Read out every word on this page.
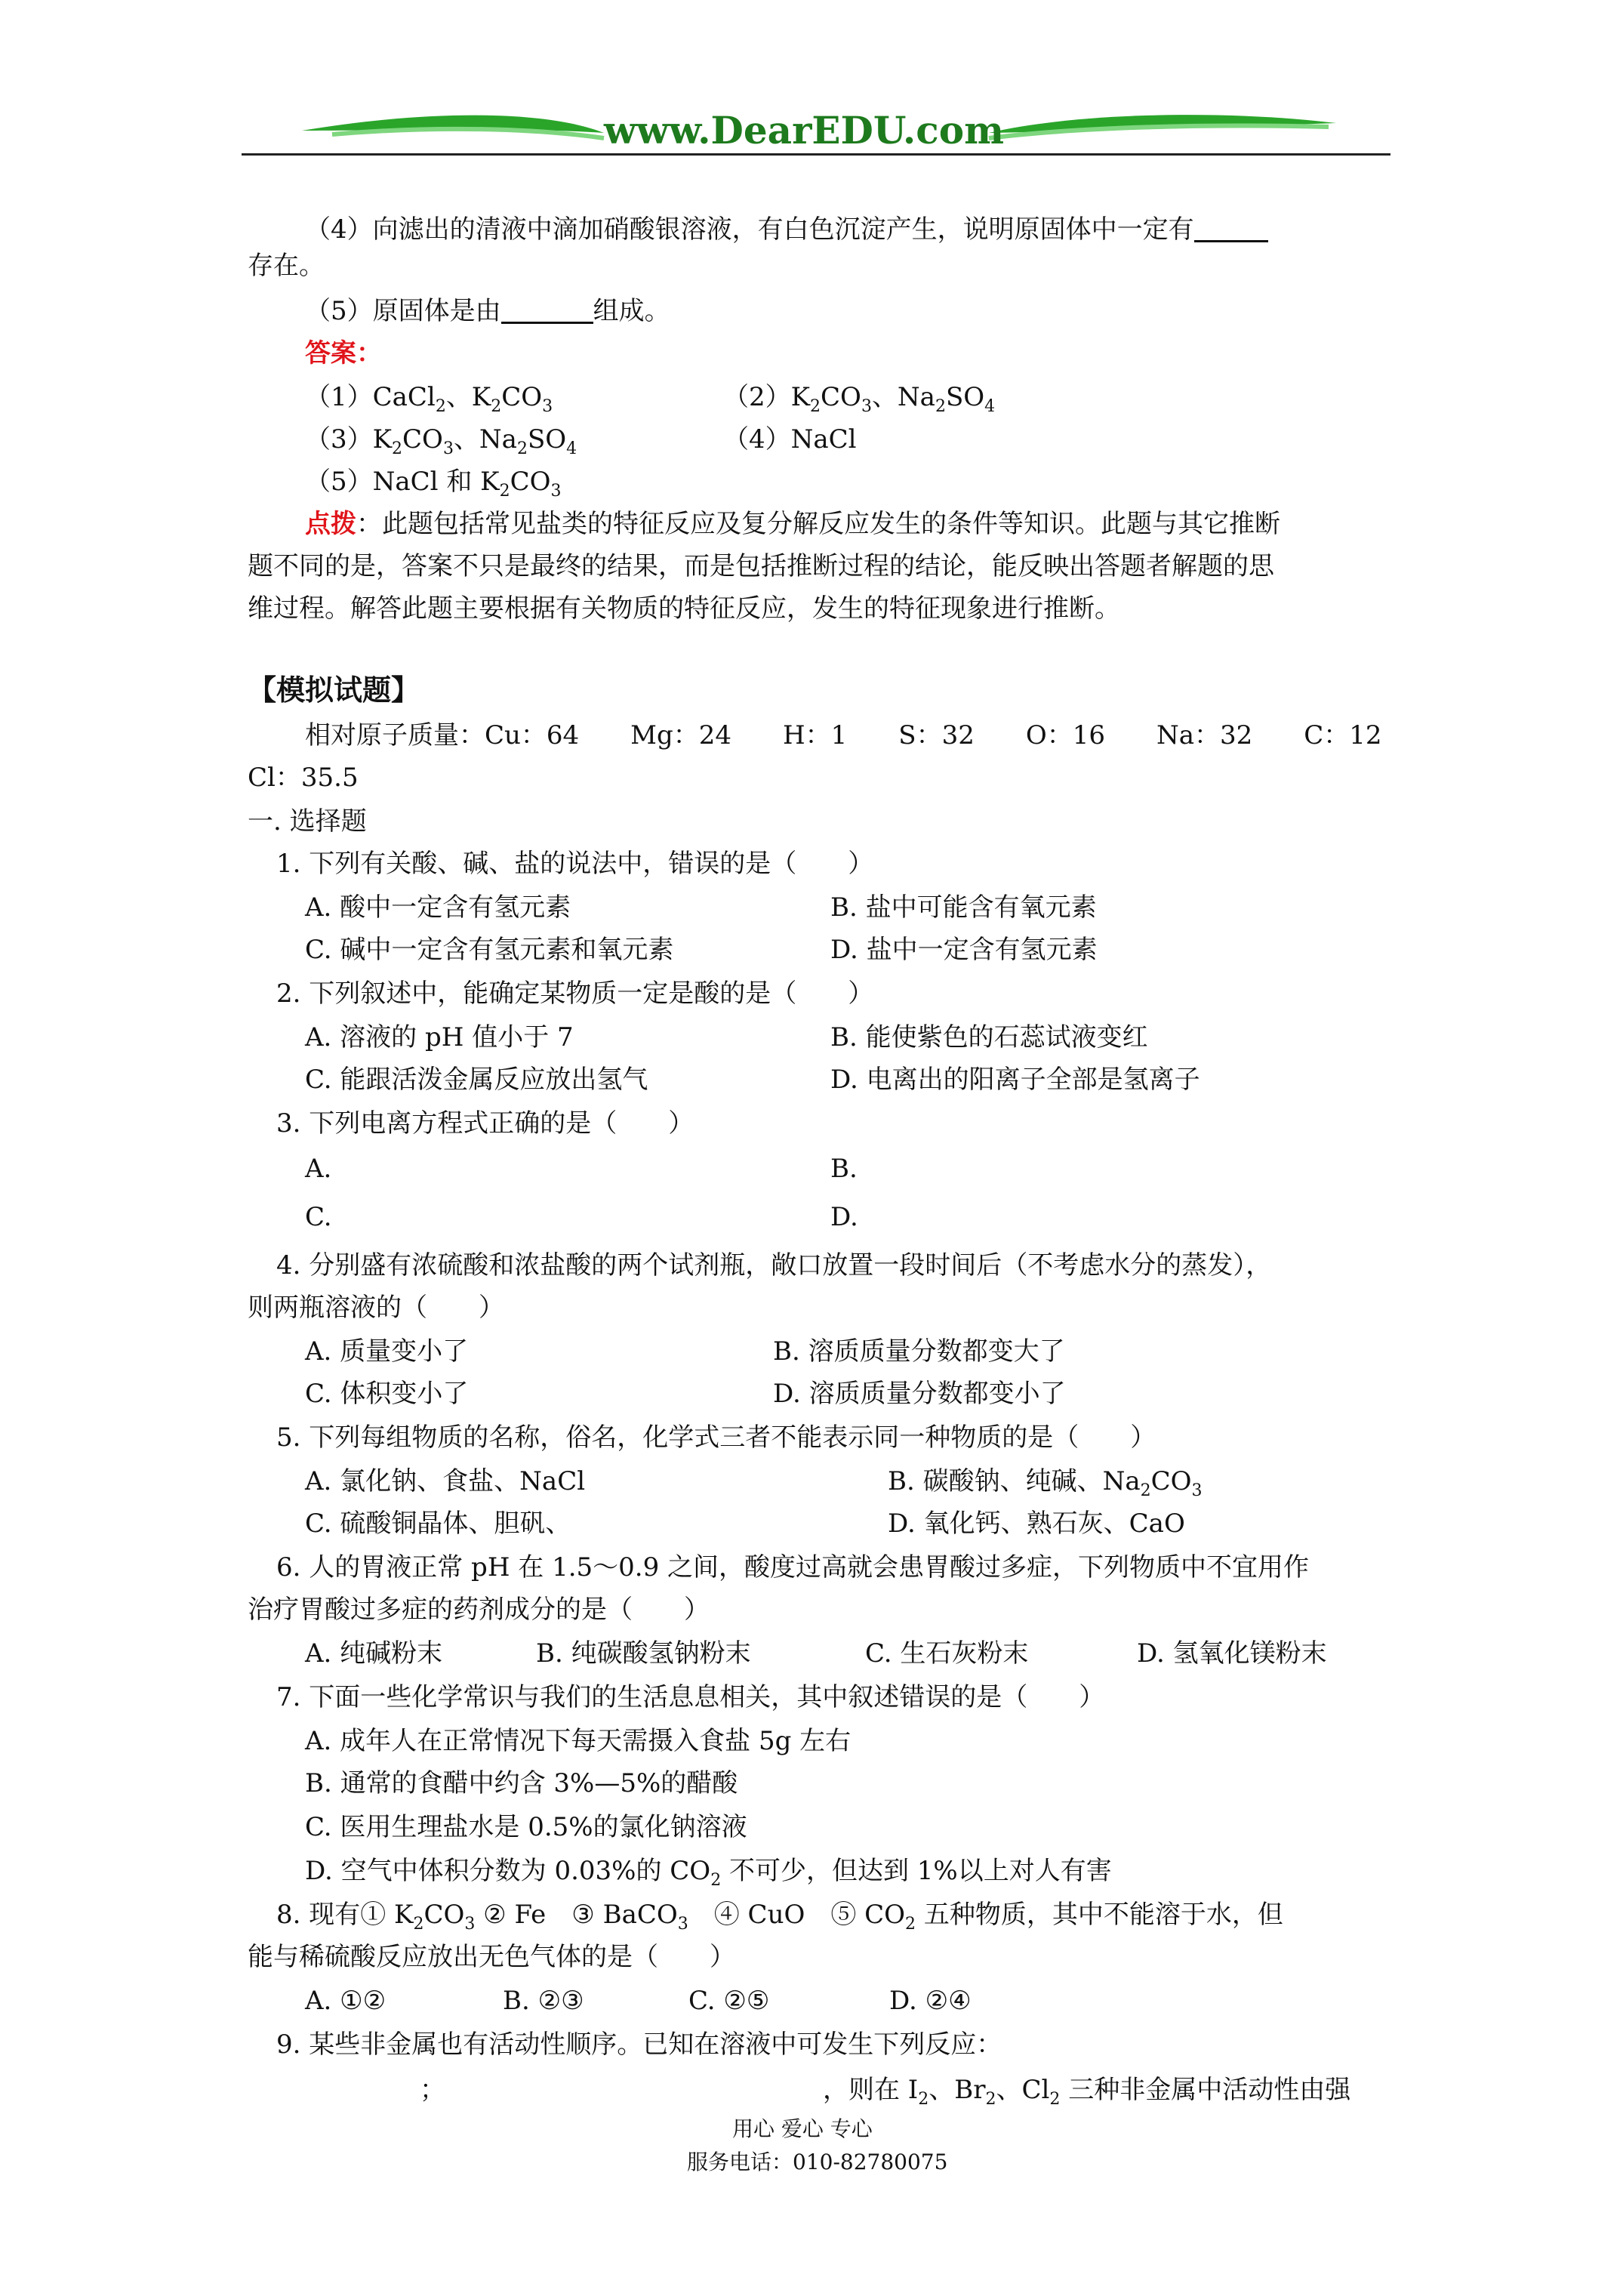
www.DearEDU.com
（4）向滤出的清液中滴加硝酸银溶液，有白色沉淀产生，说明原固体中一定有
存在。
（5）原固体是由	组成。
答案：
（1）CaCl$_2$、$K_2CO_3$	$(2)K_2CO_3$、$Na_2SO_4$
$(3)K_2CO_3$、$Na_2SO_4$	（4）NaCl
（5）NaCl 和 $K_2CO_3$
点拨：此题包括常见盐类的特征反应及复分解反应发生的条件等知识。此题与其它推断
题不同的是，答案不只是最终的结果，而是包括推断过程的结论，能反映出答题者解题的思
维过程。解答此题主要根据有关物质的特征反应，发生的特征现象进行推断。
【模拟试题】
相对原子质量：Cu：64　　Mg：24　　H：1　　S：32　　O：16　　Na：32　　C：12
Cl：35.5
一. 选择题
1. 下列有关酸、碱、盐的说法中，错误的是（　　）
A. 酸中一定含有氢元素	B. 盐中可能含有氧元素
C. 碱中一定含有氢元素和氧元素	D. 盐中一定含有氢元素
2. 下列叙述中，能确定某物质一定是酸的是（　　）
A. 溶液的 pH 值小于 7	B. 能使紫色的石蕊试液变红
C. 能跟活泼金属反应放出氢气	D. 电离出的阳离子全部是氢离子
3. 下列电离方程式正确的是（　　）
A.	B.
C.	D.
4. 分别盛有浓硫酸和浓盐酸的两个试剂瓶，敞口放置一段时间后（不考虑水分的蒸发），
则两瓶溶液的（　　）
A. 质量变小了	B. 溶质质量分数都变大了
C. 体积变小了	D. 溶质质量分数都变小了
5. 下列每组物质的名称，俗名，化学式三者不能表示同一种物质的是（　　）
A. 氯化钠、食盐、NaCl	B. 碳酸钠、纯碱、$Na_2CO_3$
C. 硫酸铜晶体、胆矾、	D. 氧化钙、熟石灰、CaO
6. 人的胃液正常 pH 在 1.5～0.9 之间，酸度过高就会患胃酸过多症，下列物质中不宜用作
治疗胃酸过多症的药剂成分的是（　　）
A. 纯碱粉末	B. 纯碳酸氢钠粉末	C. 生石灰粉末	D. 氢氧化镁粉末
7. 下面一些化学常识与我们的生活息息相关，其中叙述错误的是（　　）
A. 成年人在正常情况下每天需摄入食盐 5g 左右
B. 通常的食醋中约含 3%—5%的醋酸
C. 医用生理盐水是 0.5%的氯化钠溶液
D. 空气中体积分数为 0.03%的 $CO_2$ 不可少，但达到 1%以上对人有害
8. 现有① $K_2CO_3$ ② Fe　③ BaCO$_3$　④ CuO　⑤ $CO_2$ 五种物质，其中不能溶于水，但
能与稀硫酸反应放出无色气体的是（　　）
A. ①②	B. ②③	C. ②⑤	D. ②④
9. 某些非金属也有活动性顺序。已知在溶液中可发生下列反应：
；	，则在 $I_2$、$Br_2$、$Cl_2$ 三种非金属中活动性由强
用心 爱心 专心
服务电话：010-82780075
